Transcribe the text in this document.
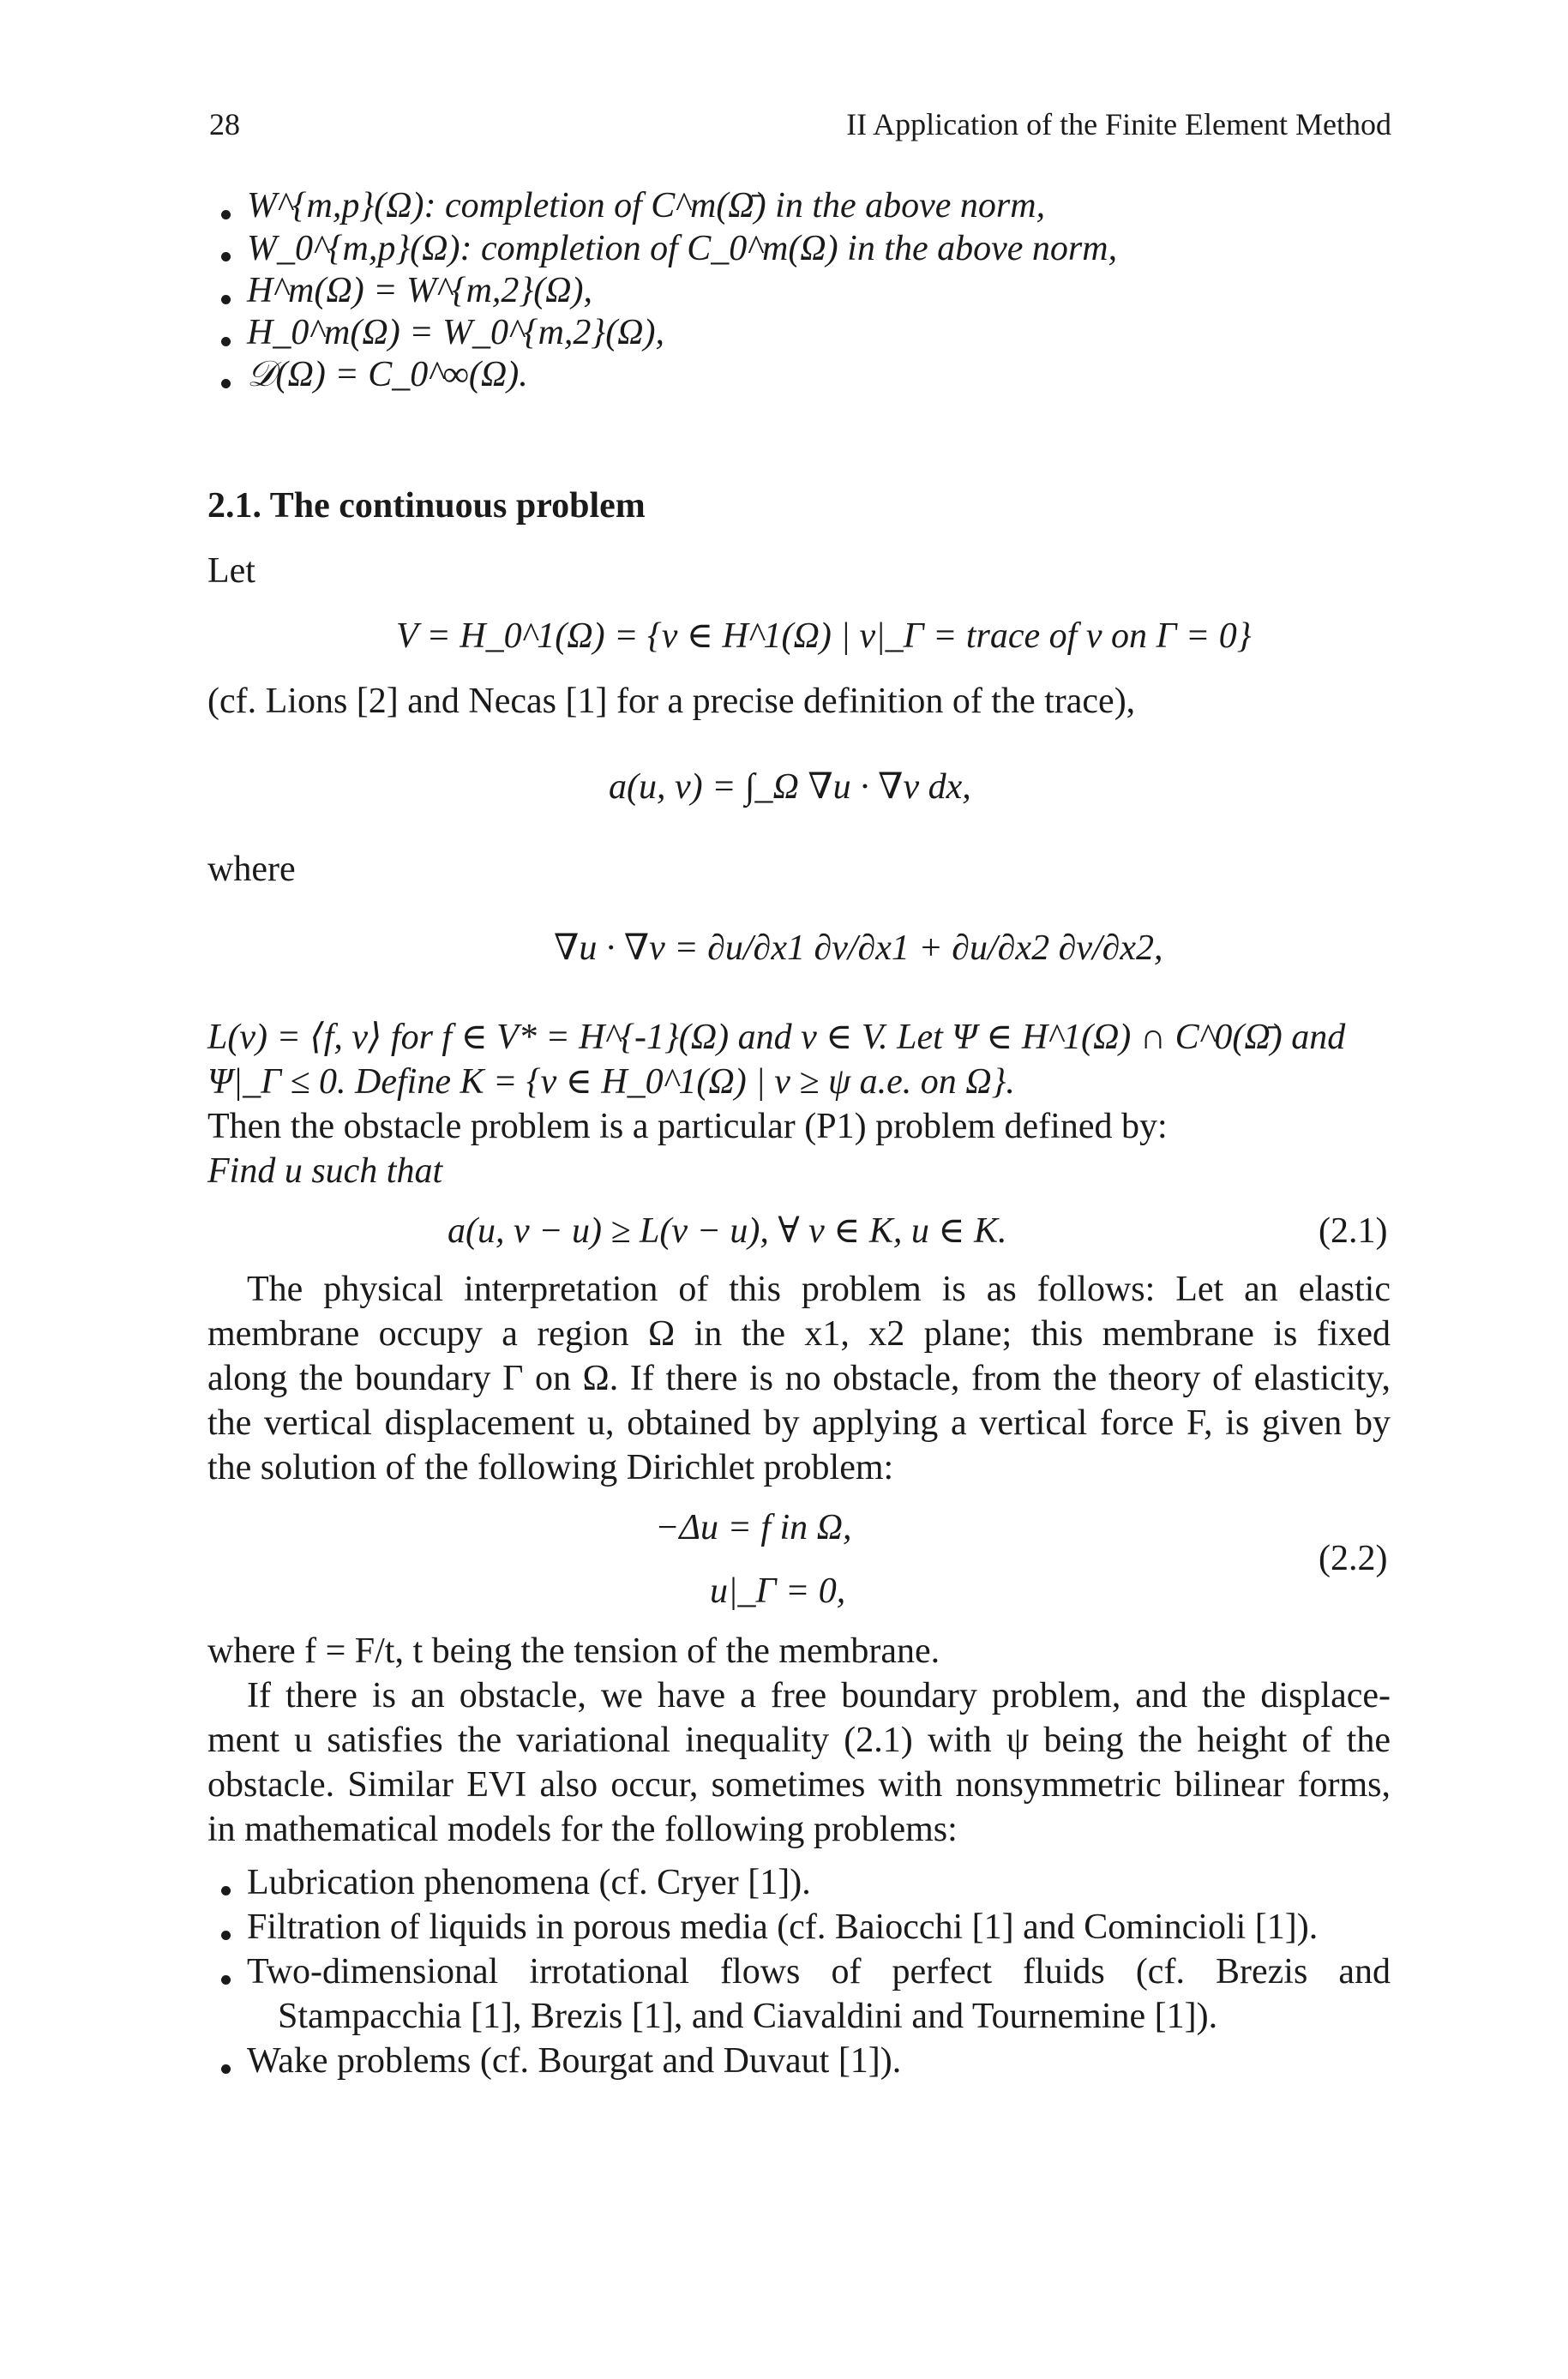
28	II Application of the Finite Element Method
W^{m,p}(Ω): completion of C^m(Ω̄) in the above norm,
W_0^{m,p}(Ω): completion of C_0^m(Ω) in the above norm,
H^m(Ω) = W^{m,2}(Ω),
H_0^m(Ω) = W_0^{m,2}(Ω),
𝒟(Ω) = C_0^∞(Ω).
2.1. The continuous problem
Let
V = H_0^1(Ω) = {v ∈ H^1(Ω) | v|_Γ = trace of v on Γ = 0}
(cf. Lions [2] and Necas [1] for a precise definition of the trace),
a(u, v) = ∫_Ω ∇u · ∇v dx,
where
∇u · ∇v = ∂u/∂x1 ∂v/∂x1 + ∂u/∂x2 ∂v/∂x2,
L(v) = ⟨f, v⟩ for f ∈ V* = H^{-1}(Ω) and v ∈ V. Let Ψ ∈ H^1(Ω) ∩ C^0(Ω̄) and
Ψ|_Γ ≤ 0. Define K = {v ∈ H_0^1(Ω) | v ≥ ψ a.e. on Ω}.
Then the obstacle problem is a particular (P1) problem defined by:
Find u such that
a(u, v − u) ≥ L(v − u), ∀ v ∈ K, u ∈ K.	(2.1)
The physical interpretation of this problem is as follows: Let an elastic
membrane occupy a region Ω in the x1, x2 plane; this membrane is fixed
along the boundary Γ on Ω. If there is no obstacle, from the theory of elasticity,
the vertical displacement u, obtained by applying a vertical force F, is given by
the solution of the following Dirichlet problem:
−Δu = f in Ω,
u|_Γ = 0,
(2.2)
where f = F/t, t being the tension of the membrane.
If there is an obstacle, we have a free boundary problem, and the displace-
ment u satisfies the variational inequality (2.1) with ψ being the height of the
obstacle. Similar EVI also occur, sometimes with nonsymmetric bilinear forms,
in mathematical models for the following problems:
Lubrication phenomena (cf. Cryer [1]).
Filtration of liquids in porous media (cf. Baiocchi [1] and Comincioli [1]).
Two-dimensional irrotational flows of perfect fluids (cf. Brezis and
Stampacchia [1], Brezis [1], and Ciavaldini and Tournemine [1]).
Wake problems (cf. Bourgat and Duvaut [1]).
